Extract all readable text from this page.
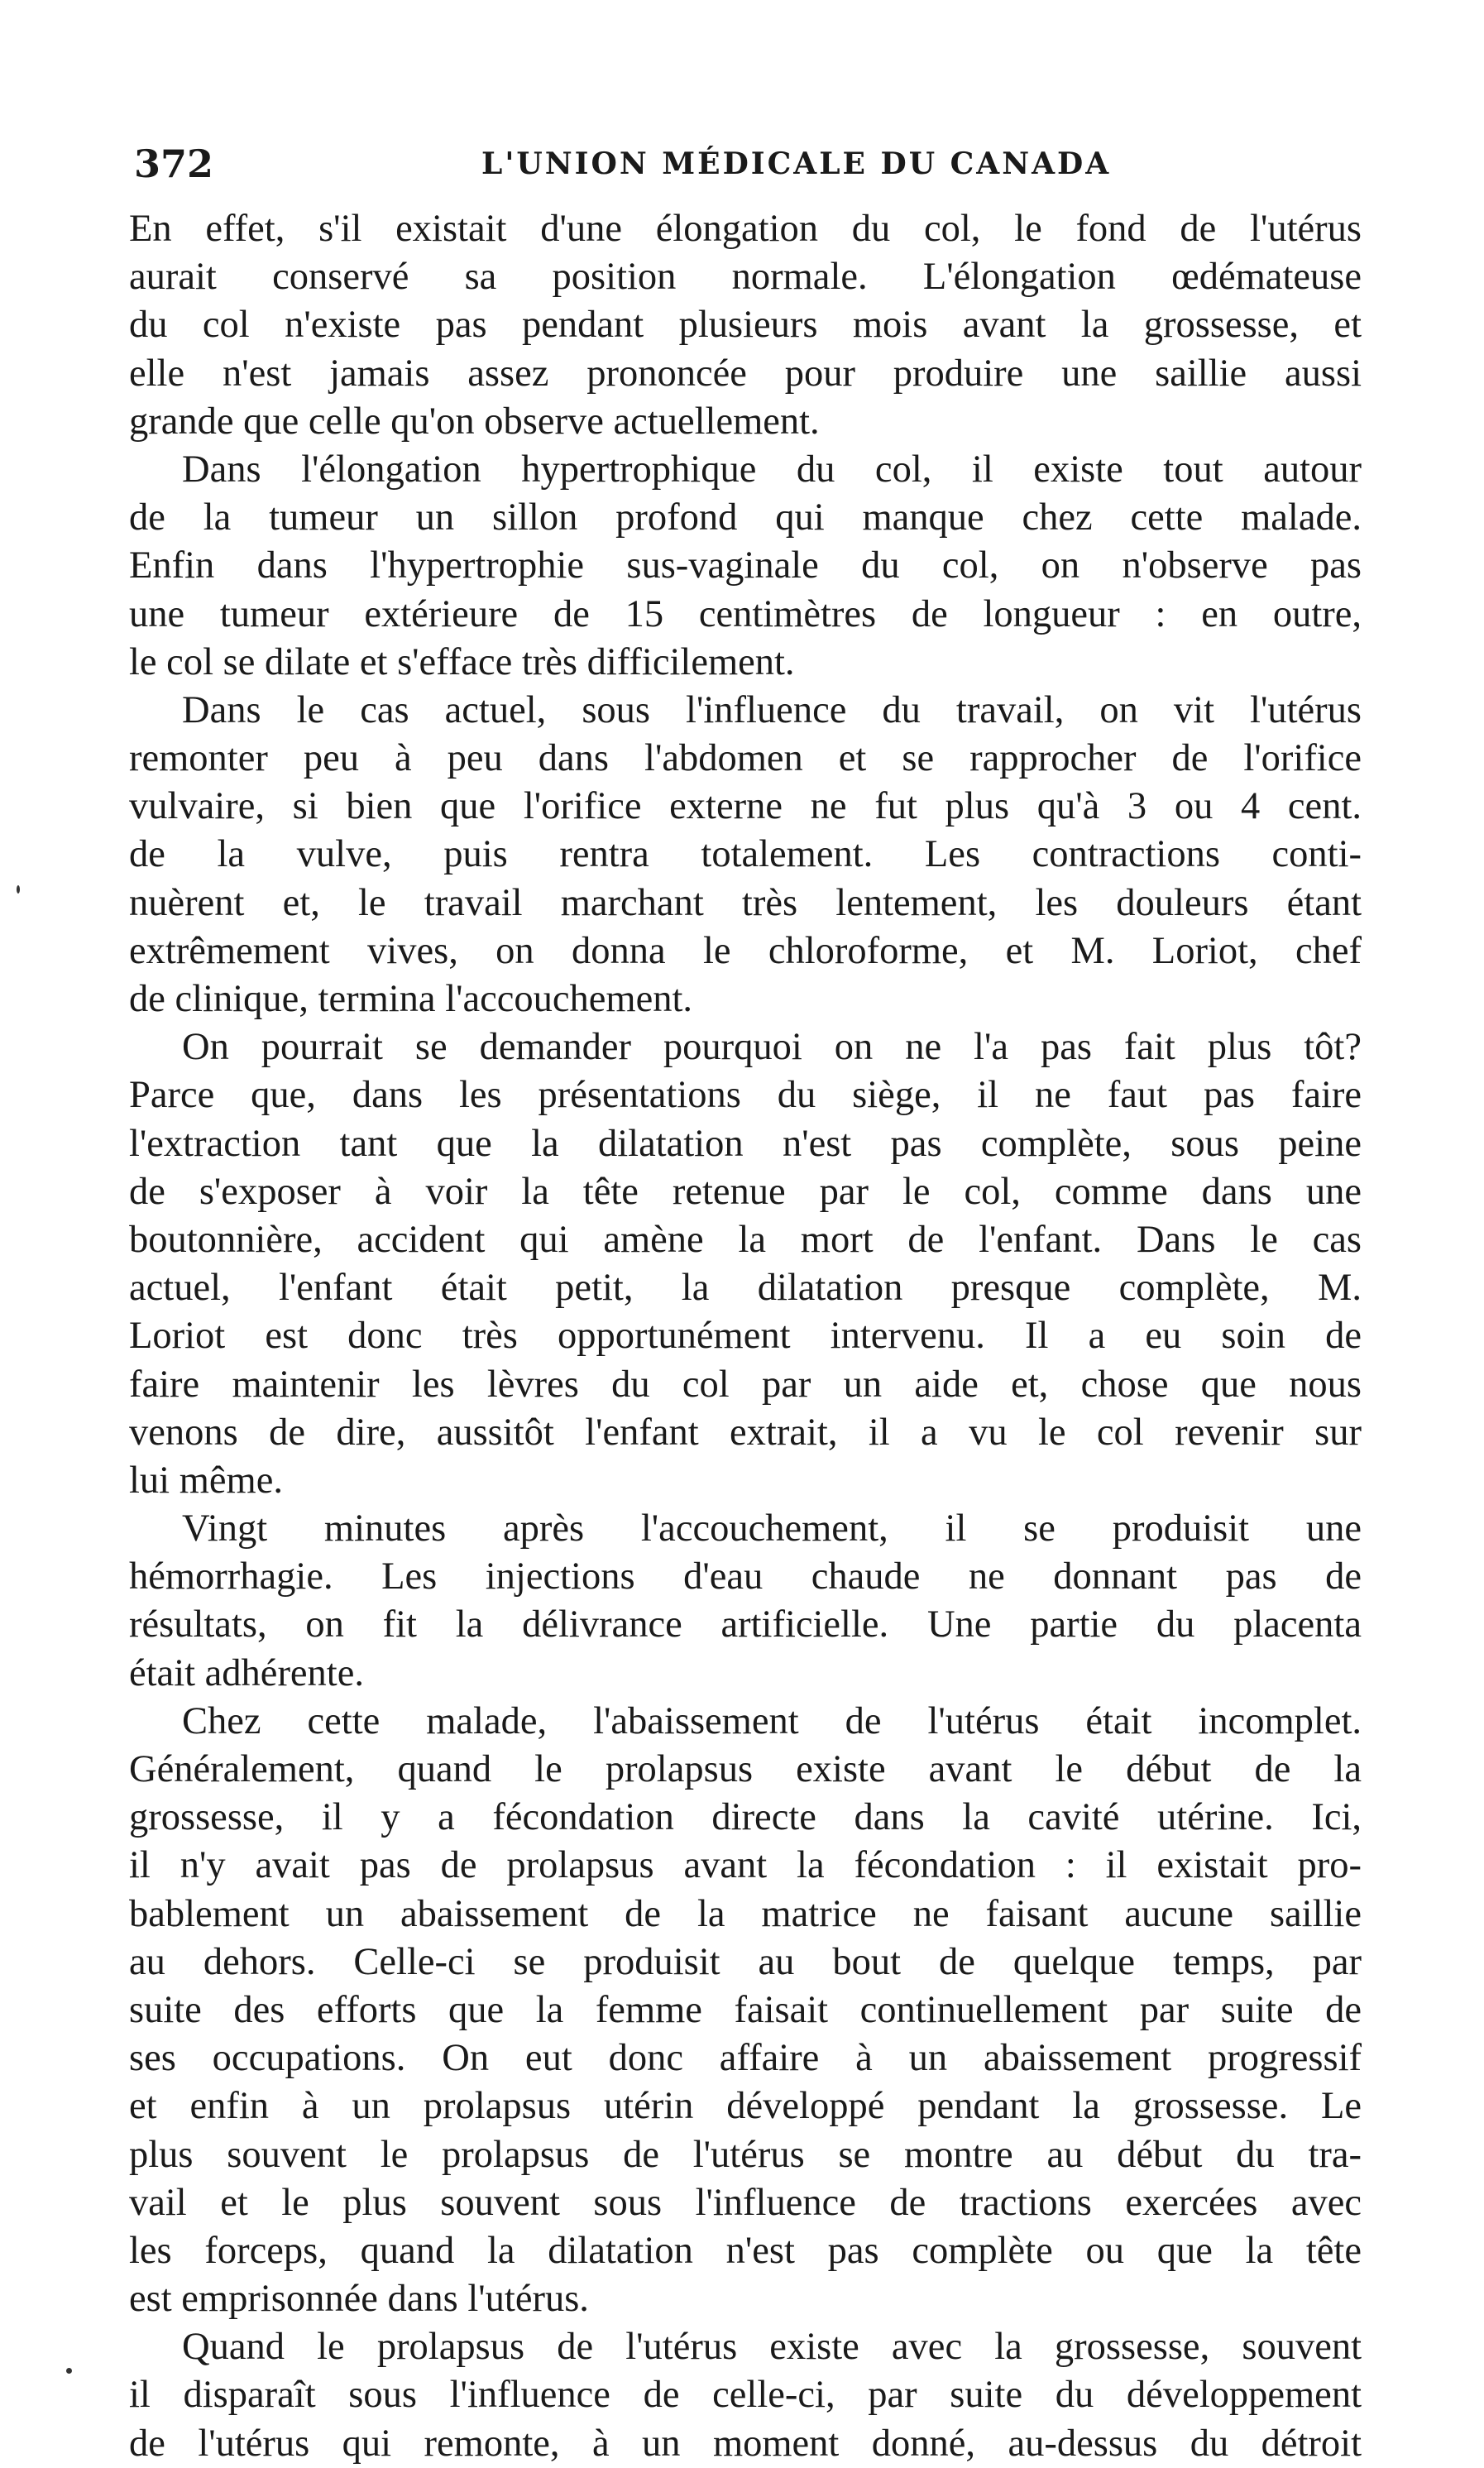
372	L'UNION MÉDICALE DU CANADA
En effet, s'il existait d'une élongation du col, le fond de l'utérus
aurait conservé sa position normale. L'élongation œdémateuse
du col n'existe pas pendant plusieurs mois avant la grossesse, et
elle n'est jamais assez prononcée pour produire une saillie aussi
grande que celle qu'on observe actuellement.
Dans l'élongation hypertrophique du col, il existe tout autour
de la tumeur un sillon profond qui manque chez cette malade.
Enfin dans l'hypertrophie sus-vaginale du col, on n'observe pas
une tumeur extérieure de 15 centimètres de longueur : en outre,
le col se dilate et s'efface très difficilement.
Dans le cas actuel, sous l'influence du travail, on vit l'utérus
remonter peu à peu dans l'abdomen et se rapprocher de l'orifice
vulvaire, si bien que l'orifice externe ne fut plus qu'à 3 ou 4 cent.
de la vulve, puis rentra totalement. Les contractions conti-
nuèrent et, le travail marchant très lentement, les douleurs étant
extrêmement vives, on donna le chloroforme, et M. Loriot, chef
de clinique, termina l'accouchement.
On pourrait se demander pourquoi on ne l'a pas fait plus tôt?
Parce que, dans les présentations du siège, il ne faut pas faire
l'extraction tant que la dilatation n'est pas complète, sous peine
de s'exposer à voir la tête retenue par le col, comme dans une
boutonnière, accident qui amène la mort de l'enfant. Dans le cas
actuel, l'enfant était petit, la dilatation presque complète, M.
Loriot est donc très opportunément intervenu. Il a eu soin de
faire maintenir les lèvres du col par un aide et, chose que nous
venons de dire, aussitôt l'enfant extrait, il a vu le col revenir sur
lui même.
Vingt minutes après l'accouchement, il se produisit une
hémorrhagie. Les injections d'eau chaude ne donnant pas de
résultats, on fit la délivrance artificielle. Une partie du placenta
était adhérente.
Chez cette malade, l'abaissement de l'utérus était incomplet.
Généralement, quand le prolapsus existe avant le début de la
grossesse, il y a fécondation directe dans la cavité utérine. Ici,
il n'y avait pas de prolapsus avant la fécondation : il existait pro-
bablement un abaissement de la matrice ne faisant aucune saillie
au dehors. Celle-ci se produisit au bout de quelque temps, par
suite des efforts que la femme faisait continuellement par suite de
ses occupations. On eut donc affaire à un abaissement progressif
et enfin à un prolapsus utérin développé pendant la grossesse. Le
plus souvent le prolapsus de l'utérus se montre au début du tra-
vail et le plus souvent sous l'influence de tractions exercées avec
les forceps, quand la dilatation n'est pas complète ou que la tête
est emprisonnée dans l'utérus.
Quand le prolapsus de l'utérus existe avec la grossesse, souvent
il disparaît sous l'influence de celle-ci, par suite du développement
de l'utérus qui remonte, à un moment donné, au-dessus du détroit
